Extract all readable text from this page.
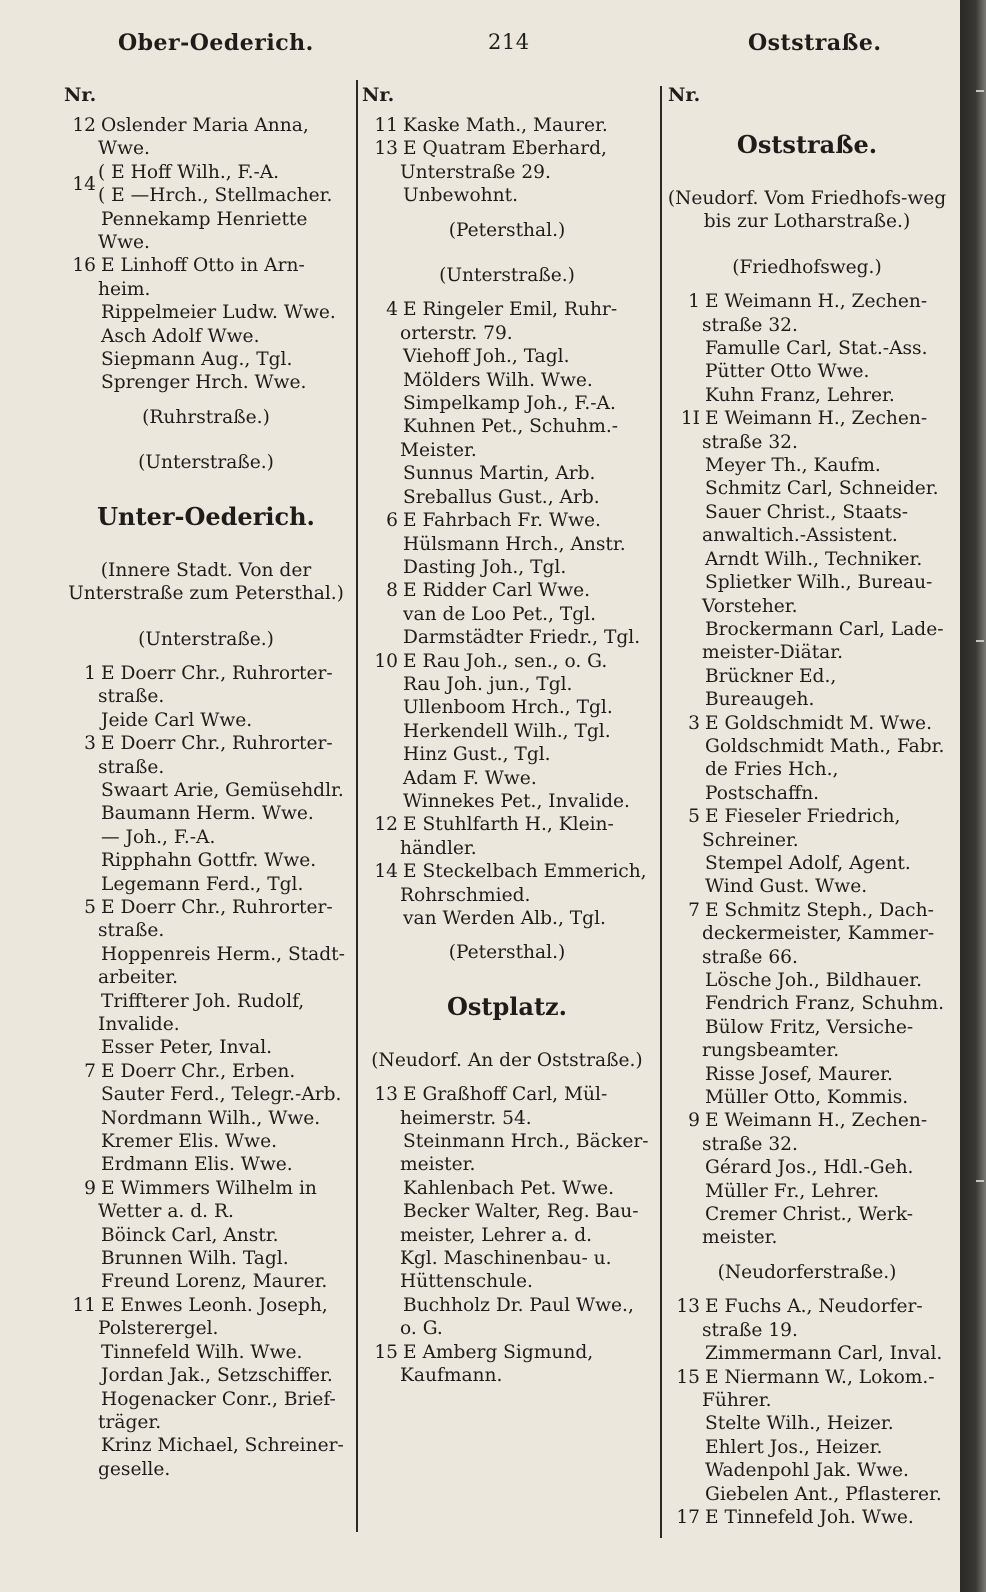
Ober-Oederich.	214	Oststraße.
Nr.	Nr.	Nr.
12 Oslender Maria Anna,
Wwe.
14
( E Hoff Wilh., F.-A.
( E —Hrch., Stellmacher.
Pennekamp Henriette
Wwe.
16 E Linhoff Otto in Arn-
heim.
Rippelmeier Ludw. Wwe.
Asch Adolf Wwe.
Siepmann Aug., Tgl.
Sprenger Hrch. Wwe.
(Ruhrstraße.)
(Unterstraße.)
Unter-Oederich.
(Innere Stadt. Von der Unterstraße zum Petersthal.)
(Unterstraße.)
1 E Doerr Chr., Ruhrorter-
straße.
Jeide Carl Wwe.
3 E Doerr Chr., Ruhrorter-
straße.
Swaart Arie, Gemüsehdlr.
Baumann Herm. Wwe.
— Joh., F.-A.
Ripphahn Gottfr. Wwe.
Legemann Ferd., Tgl.
5 E Doerr Chr., Ruhrorter-
straße.
Hoppenreis Herm., Stadt-
arbeiter.
Triffterer Joh. Rudolf,
Invalide.
Esser Peter, Inval.
7 E Doerr Chr., Erben.
Sauter Ferd., Telegr.-Arb.
Nordmann Wilh., Wwe.
Kremer Elis. Wwe.
Erdmann Elis. Wwe.
9 E Wimmers Wilhelm in
Wetter a. d. R.
Böinck Carl, Anstr.
Brunnen Wilh. Tagl.
Freund Lorenz, Maurer.
11 E Enwes Leonh. Joseph,
Polsterergel.
Tinnefeld Wilh. Wwe.
Jordan Jak., Setzschiffer.
Hogenacker Conr., Brief-
träger.
Krinz Michael, Schreiner-
geselle.
11 Kaske Math., Maurer.
13 E Quatram Eberhard,
Unterstraße 29.
Unbewohnt.
(Petersthal.)
(Unterstraße.)
4 E Ringeler Emil, Ruhr-
orterstr. 79.
Viehoff Joh., Tagl.
Mölders Wilh. Wwe.
Simpelkamp Joh., F.-A.
Kuhnen Pet., Schuhm.-
Meister.
Sunnus Martin, Arb.
Sreballus Gust., Arb.
6 E Fahrbach Fr. Wwe.
Hülsmann Hrch., Anstr.
Dasting Joh., Tgl.
8 E Ridder Carl Wwe.
van de Loo Pet., Tgl.
Darmstädter Friedr., Tgl.
10 E Rau Joh., sen., o. G.
Rau Joh. jun., Tgl.
Ullenboom Hrch., Tgl.
Herkendell Wilh., Tgl.
Hinz Gust., Tgl.
Adam F. Wwe.
Winnekes Pet., Invalide.
12 E Stuhlfarth H., Klein-
händler.
14 E Steckelbach Emmerich,
Rohrschmied.
van Werden Alb., Tgl.
(Petersthal.)
Ostplatz.
(Neudorf. An der Oststraße.)
13 E Graßhoff Carl, Mül-
heimerstr. 54.
Steinmann Hrch., Bäcker-
meister.
Kahlenbach Pet. Wwe.
Becker Walter, Reg. Bau-
meister, Lehrer a. d.
Kgl. Maschinenbau- u.
Hüttenschule.
Buchholz Dr. Paul Wwe.,
o. G.
15 E Amberg Sigmund,
Kaufmann.
Oststraße.
(Neudorf. Vom Friedhofs-weg bis zur Lotharstraße.)
(Friedhofsweg.)
1 E Weimann H., Zechen-
straße 32.
Famulle Carl, Stat.-Ass.
Pütter Otto Wwe.
Kuhn Franz, Lehrer.
1I E Weimann H., Zechen-
straße 32.
Meyer Th., Kaufm.
Schmitz Carl, Schneider.
Sauer Christ., Staats-
anwaltich.-Assistent.
Arndt Wilh., Techniker.
Splietker Wilh., Bureau-
Vorsteher.
Brockermann Carl, Lade-
meister-Diätar.
Brückner Ed., Bureaugeh.
3 E Goldschmidt M. Wwe.
Goldschmidt Math., Fabr.
de Fries Hch., Postschaffn.
5 E Fieseler Friedrich,
Schreiner.
Stempel Adolf, Agent.
Wind Gust. Wwe.
7 E Schmitz Steph., Dach-
deckermeister, Kammer-
straße 66.
Lösche Joh., Bildhauer.
Fendrich Franz, Schuhm.
Bülow Fritz, Versiche-
rungsbeamter.
Risse Josef, Maurer.
Müller Otto, Kommis.
9 E Weimann H., Zechen-
straße 32.
Gérard Jos., Hdl.-Geh.
Müller Fr., Lehrer.
Cremer Christ., Werk-
meister.
(Neudorferstraße.)
13 E Fuchs A., Neudorfer-
straße 19.
Zimmermann Carl, Inval.
15 E Niermann W., Lokom.-
Führer.
Stelte Wilh., Heizer.
Ehlert Jos., Heizer.
Wadenpohl Jak. Wwe.
Giebelen Ant., Pflasterer.
17 E Tinnefeld Joh. Wwe.
